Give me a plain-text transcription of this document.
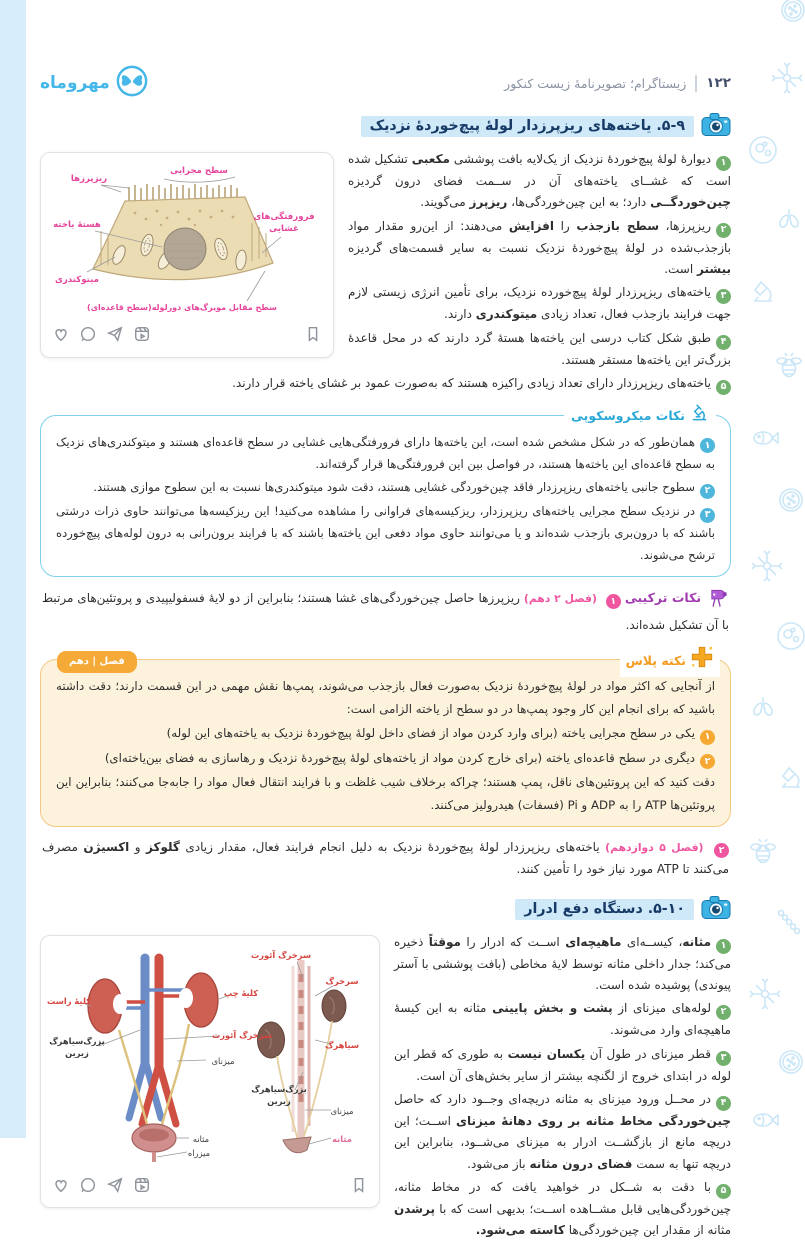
۱۲۲
زیستاگرام؛ تصویرنامهٔ زیست کنکور
مهروماه
۵-۹. یاخته‌های ریزپرزدار لولهٔ پیچ‌خوردهٔ نزدیک
سطح مجرایی
ریزپرزها
فرورفتگی‌های
غشایی
هستهٔ یاخته
میتوکندری
(سطح قاعده‌ای)سطح مقابل مویرگ‌های دورلوله
۱دیوارهٔ لولهٔ پیچ‌خوردهٔ نزدیک از یک‌لایه بافت پوششی مکعبی تشکیل شده است که غشــای یاخته‌های آن در ســمت فضای درون گردیزه چین‌خوردگــی دارد؛ به این چین‌خوردگی‌ها، ریزپرز می‌گویند.
۲ریزپرزها، سطح بازجذب را افزایش می‌دهند: از این‌رو مقدار مواد بازجذب‌شده در لولهٔ پیچ‌خوردهٔ نزدیک نسبت به سایر قسمت‌های گردیزه بیشتر است.
۳یاخته‌های ریزپرزدار لولهٔ پیچ‌خورده نزدیک، برای تأمین انرژی زیستی لازم جهت فرایند بازجذب فعال، تعداد زیادی میتوکندری دارند.
۴طبق شکل کتاب درسی این یاخته‌ها هستهٔ گرد دارند که در محل قاعدهٔ بزرگ‌تر این یاخته‌ها مستقر هستند.
۵یاخته‌های ریزپرزدار دارای تعداد زیادی راکیزه هستند که به‌صورت عمود بر غشای یاخته قرار دارند.
نکات میکروسکوپی
۱همان‌طور که در شکل مشخص شده است، این یاخته‌ها دارای فرورفتگی‌هایی غشایی در سطح قاعده‌ای هستند و میتوکندری‌های نزدیک به سطح قاعده‌ای این یاخته‌ها هستند، در فواصل بین این فرورفتگی‌ها قرار گرفته‌اند.
۲سطوح جانبی یاخته‌های ریزپرزدار فاقد چین‌خوردگی غشایی هستند، دقت شود میتوکندری‌ها نسبت به این سطوح موازی هستند.
۳در نزدیک سطح مجرایی یاخته‌های ریزپرزدار، ریزکیسه‌های فراوانی را مشاهده می‌کنید! این ریزکیسه‌ها می‌توانند حاوی ذرات درشتی باشند که با درون‌بری بازجذب شده‌اند و یا می‌توانند حاوی مواد دفعی این یاخته‌ها باشند که با فرایند برون‌رانی به درون لوله‌های پیچ‌خورده ترشح می‌شوند.
نکات ترکیبی۱ (فصل ۲ دهم) ریزپرزها حاصل چین‌خوردگی‌های غشا هستند؛ بنابراین از دو لایهٔ فسفولیپیدی و پروتئین‌های مرتبط با آن تشکیل شده‌اند.
نکته پلاس
فصل | دهم

از آنجایی که اکثر مواد در لولهٔ پیچ‌خوردهٔ نزدیک به‌صورت فعال بازجذب می‌شوند، پمپ‌ها نقش مهمی در این قسمت دارند؛ دقت داشته باشید که برای انجام این کار وجود پمپ‌ها در دو سطح از یاخته الزامی است:

۱یکی در سطح مجرایی یاخته (برای وارد کردن مواد از فضای داخل لولهٔ پیچ‌خوردهٔ نزدیک به یاخته‌های این لوله)
۲دیگری در سطح قاعده‌ای یاخته (برای خارج کردن مواد از یاخته‌های لولهٔ پیچ‌خوردهٔ نزدیک و رهاسازی به فضای بین‌یاخته‌ای)

دقت کنید که این پروتئین‌های ناقل، پمپ هستند؛ چراکه برخلاف شیب غلظت و با فرایند انتقال فعال مواد را جابه‌جا می‌کنند؛ بنابراین این پروتئین‌ها ATP را به ADP و Pi (فسفات) هیدرولیز می‌کنند.

۲ (فصل ۵ دوازدهم) یاخته‌های ریزپرزدار لولهٔ پیچ‌خوردهٔ نزدیک به دلیل انجام فرایند فعال، مقدار زیادی گلوکز و اکسیژن مصرف می‌کنند تا ATP مورد نیاز خود را تأمین کنند.
۵-۱۰. دستگاه دفع ادرار
کلیهٔ راست
کلیهٔ چپ
سرخرگ آئورت
میزنای
بزرگ‌سیاهرگ
زیرین
مثانه
میزراه
سرخرگ آئورت
سرخرگ
سیاهرگ
بزرگ‌سیاهرگ
زیرین
میزنای
مثانه
۱مثانه، کیســه‌ای ماهیچه‌ای اســت که ادرار را موقتاً ذخیره می‌کند؛ جدار داخلی مثانه توسط لایهٔ مخاطی (بافت پوششی با آستر پیوندی) پوشیده شده است.
۲لوله‌های میزنای از پشت و بخش پایینی مثانه به این کیسهٔ ماهیچه‌ای وارد می‌شوند.
۳قطر میزنای در طول آن یکسان نیست به طوری که قطر این لوله در ابتدای خروج از لگنچه بیشتر از سایر بخش‌های آن است.
۴در محــل ورود میزنای به مثانه دریچه‌ای وجــود دارد که حاصل چین‌خوردگی مخاط مثانه بر روی دهانهٔ میزنای اســت؛ این دریچه مانع از بازگشــت ادرار به میزنای می‌شــود، بنابراین این دریچه تنها به سمت فضای درون مثانه باز می‌شود.
۵با دقت به شــکل در خواهید یافت که در مخاط مثانه، چین‌خوردگی‌هایی قابل مشــاهده اســت؛ بدیهی است که با پرشدن مثانه از مقدار این چین‌خوردگی‌ها کاسته می‌شود.
